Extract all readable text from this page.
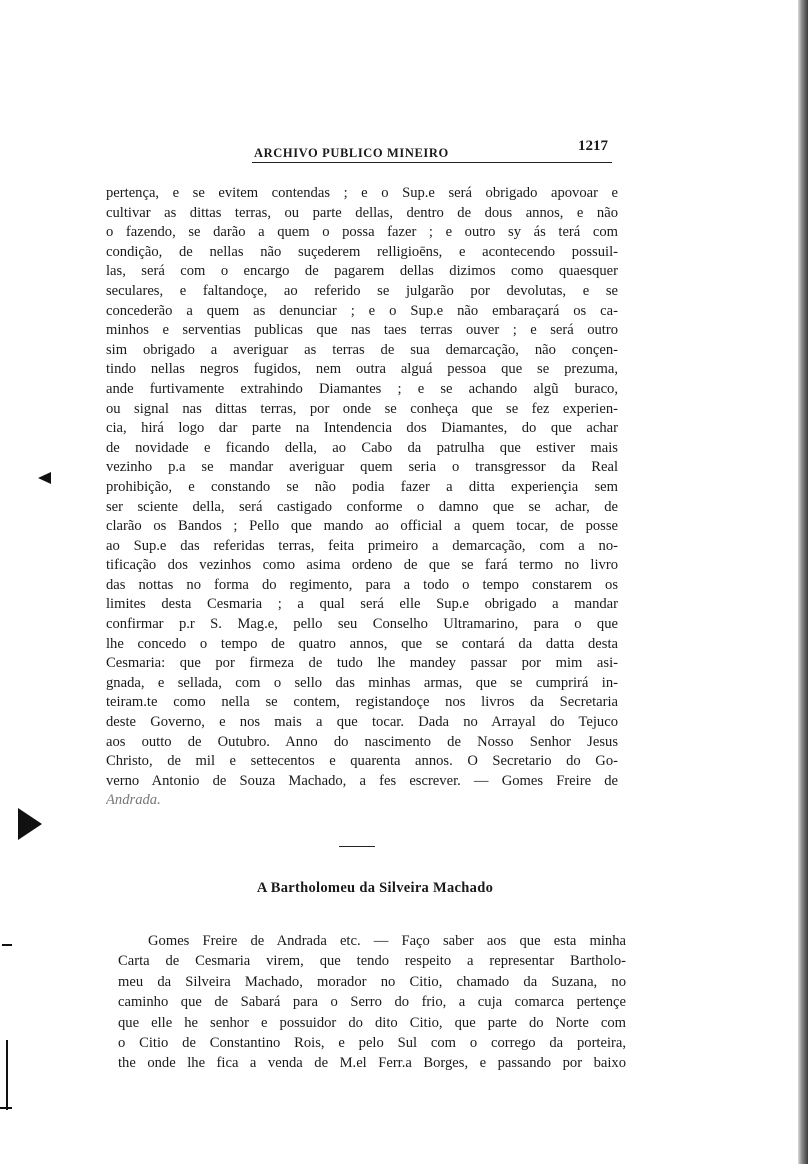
ARCHIVO PUBLICO MINEIRO	1217
pertença, e se evitem contendas ; e o Sup.e será obrigado apovoar e
cultivar as dittas terras, ou parte dellas, dentro de dous annos, e não
o fazendo, se darão a quem o possa fazer ; e outro sy ás terá com
condição, de nellas não suçederem relligioēns, e acontecendo possuil-
las, será com o encargo de pagarem dellas dizimos como quaesquer
seculares, e faltandoçe, ao referido se julgarão por devolutas, e se
concederão a quem as denunciar ; e o Sup.e não embaraçará os ca-
minhos e serventias publicas que nas taes terras ouver ; e será outro
sim obrigado a averiguar as terras de sua demarcação, não conçen-
tindo nellas negros fugidos, nem outra alguá pessoa que se prezuma,
ande furtivamente extrahindo Diamantes ; e se achando algũ buraco,
ou signal nas dittas terras, por onde se conheça que se fez experien-
cia, hirá logo dar parte na Intendencia dos Diamantes, do que achar
de novidade e ficando della, ao Cabo da patrulha que estiver mais
vezinho p.a se mandar averiguar quem seria o transgressor da Real
prohibição, e constando se não podia fazer a ditta experiençia sem
ser sciente della, será castigado conforme o damno que se achar, de
clarão os Bandos ; Pello que mando ao official a quem tocar, de posse
ao Sup.e das referidas terras, feita primeiro a demarcação, com a no-
tificação dos vezinhos como asima ordeno de que se fará termo no livro
das nottas no forma do regimento, para a todo o tempo constarem os
limites desta Cesmaria ; a qual será elle Sup.e obrigado a mandar
confirmar p.r S. Mag.e, pello seu Conselho Ultramarino, para o que
lhe concedo o tempo de quatro annos, que se contará da datta desta
Cesmaria: que por firmeza de tudo lhe mandey passar por mim asi-
gnada, e sellada, com o sello das minhas armas, que se cumprirá in-
teiram.te como nella se contem, registandoçe nos livros da Secretaria
deste Governo, e nos mais a que tocar. Dada no Arrayal do Tejuco
aos outto de Outubro. Anno do nascimento de Nosso Senhor Jesus
Christo, de mil e settecentos e quarenta annos. O Secretario do Go-
verno Antonio de Souza Machado, a fes escrever. — Gomes Freire de
Andrada.
A Bartholomeu da Silveira Machado
Gomes Freire de Andrada etc. — Faço saber aos que esta minha
Carta de Cesmaria virem, que tendo respeito a representar Bartholo-
meu da Silveira Machado, morador no Citio, chamado da Suzana, no
caminho que de Sabará para o Serro do frio, a cuja comarca pertençe
que elle he senhor e possuidor do dito Citio, que parte do Norte com
o Citio de Constantino Rois, e pelo Sul com o corrego da porteira,
the onde lhe fica a venda de M.el Ferr.a Borges, e passando por baixo
